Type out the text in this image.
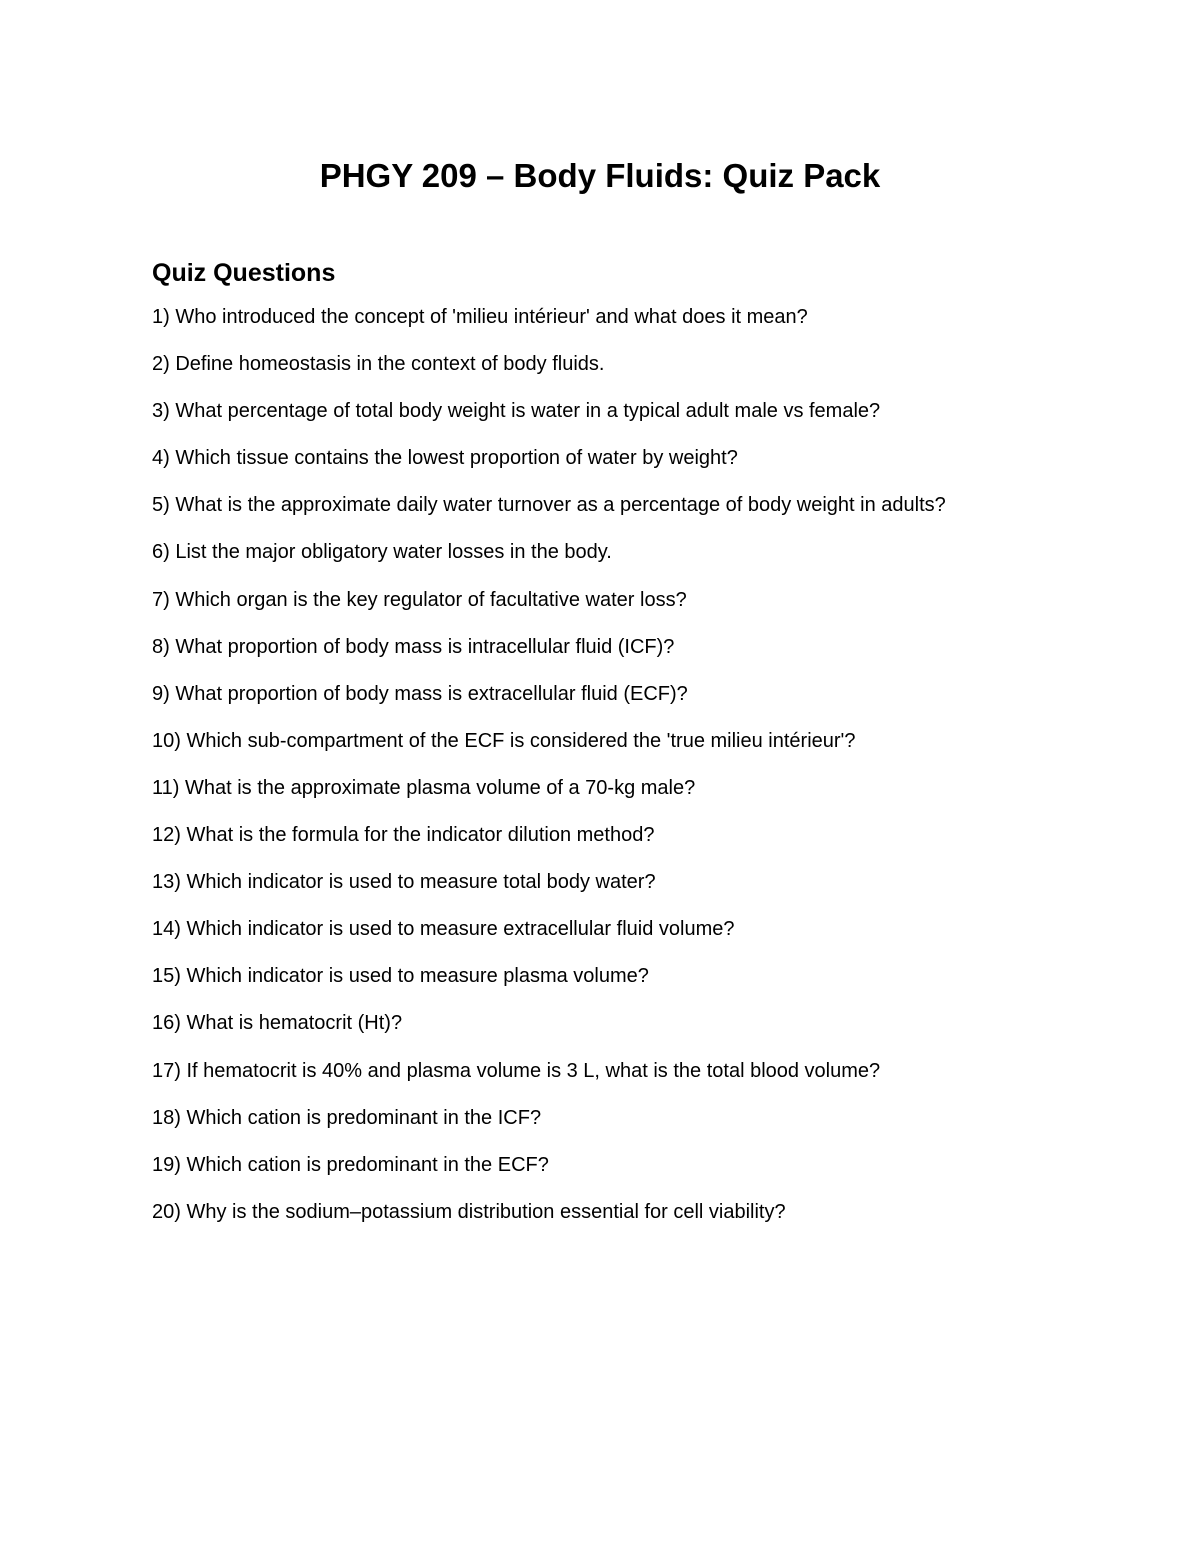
PHGY 209 – Body Fluids: Quiz Pack
Quiz Questions
1) Who introduced the concept of 'milieu intérieur' and what does it mean?
2) Define homeostasis in the context of body fluids.
3) What percentage of total body weight is water in a typical adult male vs female?
4) Which tissue contains the lowest proportion of water by weight?
5) What is the approximate daily water turnover as a percentage of body weight in adults?
6) List the major obligatory water losses in the body.
7) Which organ is the key regulator of facultative water loss?
8) What proportion of body mass is intracellular fluid (ICF)?
9) What proportion of body mass is extracellular fluid (ECF)?
10) Which sub-compartment of the ECF is considered the 'true milieu intérieur'?
11) What is the approximate plasma volume of a 70-kg male?
12) What is the formula for the indicator dilution method?
13) Which indicator is used to measure total body water?
14) Which indicator is used to measure extracellular fluid volume?
15) Which indicator is used to measure plasma volume?
16) What is hematocrit (Ht)?
17) If hematocrit is 40% and plasma volume is 3 L, what is the total blood volume?
18) Which cation is predominant in the ICF?
19) Which cation is predominant in the ECF?
20) Why is the sodium–potassium distribution essential for cell viability?
